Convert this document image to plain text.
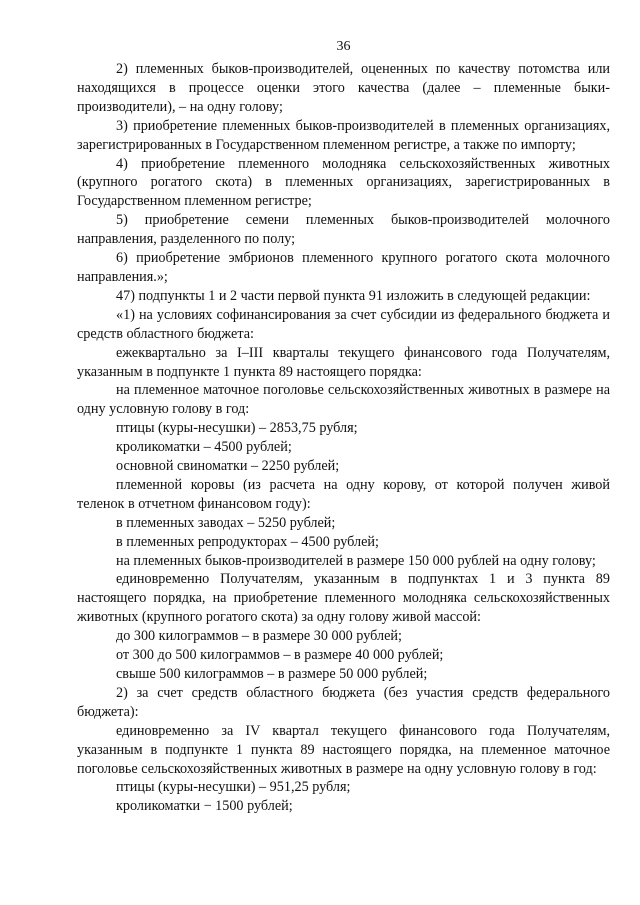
36

2) племенных быков-производителей, оцененных по качеству потомства или находящихся в процессе оценки этого качества (далее – племенные быки-производители), – на одну голову;

3) приобретение племенных быков-производителей в племенных организациях, зарегистрированных в Государственном племенном регистре, а также по импорту;

4) приобретение племенного молодняка сельскохозяйственных животных (крупного рогатого скота) в племенных организациях, зарегистрированных в Государственном племенном регистре;

5) приобретение семени племенных быков-производителей молочного направления, разделенного по полу;

6) приобретение эмбрионов племенного крупного рогатого скота молочного направления.»;

47) подпункты 1 и 2 части первой пункта 91 изложить в следующей редакции:

«1) на условиях софинансирования за счет субсидии из федерального бюджета и средств областного бюджета:

ежеквартально за I–III кварталы текущего финансового года Получателям, указанным в подпункте 1 пункта 89 настоящего порядка:

на племенное маточное поголовье сельскохозяйственных животных в размере на одну условную голову в год:

птицы (куры-несушки) – 2853,75 рубля;

кроликоматки – 4500 рублей;

основной свиноматки – 2250 рублей;

племенной коровы (из расчета на одну корову, от которой получен живой теленок в отчетном финансовом году):

в племенных заводах – 5250 рублей;

в племенных репродукторах – 4500 рублей;

на племенных быков-производителей в размере 150 000 рублей на одну голову;

единовременно Получателям, указанным в подпунктах 1 и 3 пункта 89 настоящего порядка, на приобретение племенного молодняка сельскохозяйственных животных (крупного рогатого скота) за одну голову живой массой:

до 300 килограммов – в размере 30 000 рублей;

от 300 до 500 килограммов – в размере 40 000 рублей;

свыше 500 килограммов – в размере 50 000 рублей;

2) за счет средств областного бюджета (без участия средств федерального бюджета):

единовременно за IV квартал текущего финансового года Получателям, указанным в подпункте 1 пункта 89 настоящего порядка, на племенное маточное поголовье сельскохозяйственных животных в размере на одну условную голову в год:

птицы (куры-несушки) – 951,25 рубля;

кроликоматки − 1500 рублей;
